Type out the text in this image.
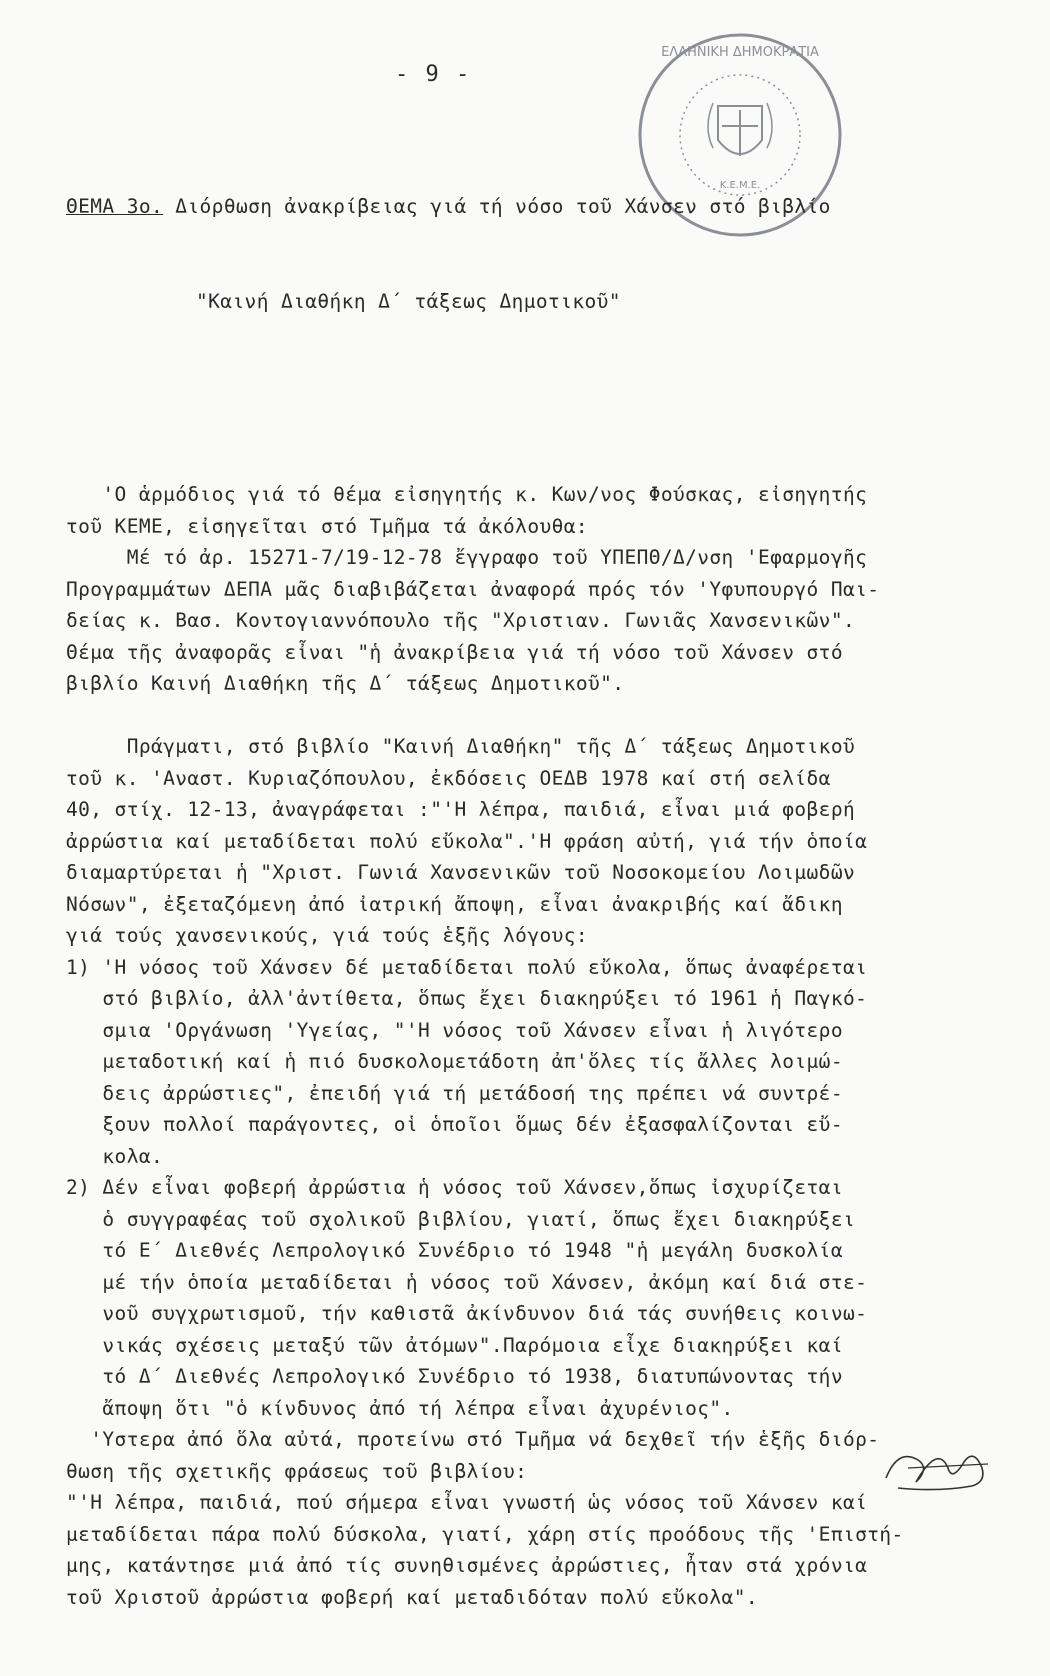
- 9 -
Κ.Ε.Μ.Ε.
ΕΛΛΗΝΙΚΗ ΔΗΜΟΚΡΑΤΙΑ

ΘΕΜΑ 3ο. Διόρθωση ἀνακρίβειας γιά τή νόσο τοῦ Χάνσεν στό βιβλίο

"Καινή Διαθήκη Δ΄ τάξεως Δημοτικοῦ"

'Ο ἁρμόδιος γιά τό θέμα εἰσηγητής κ. Κων/νος Φούσκας, εἰσηγητής
τοῦ ΚΕΜΕ, εἰσηγεῖται στό Τμῆμα τά ἀκόλουθα:
Μέ τό ἀρ. 15271-7/19-12-78 ἔγγραφο τοῦ ΥΠΕΠΘ/Δ/νση 'Εφαρμογῆς
Προγραμμάτων ΔΕΠΑ μᾶς διαβιβάζεται ἀναφορά πρός τόν 'Υφυπουργό Παι-
δείας κ. Βασ. Κοντογιαννόπουλο τῆς "Χριστιαν. Γωνιᾶς Χανσενικῶν".
Θέμα τῆς ἀναφορᾶς εἶναι "ἡ ἀνακρίβεια γιά τή νόσο τοῦ Χάνσεν στό
βιβλίο Καινή Διαθήκη τῆς Δ΄ τάξεως Δημοτικοῦ".
Πράγματι, στό βιβλίο "Καινή Διαθήκη" τῆς Δ΄ τάξεως Δημοτικοῦ
τοῦ κ. 'Αναστ. Κυριαζόπουλου, ἐκδόσεις ΟΕΔΒ 1978 καί στή σελίδα
40, στίχ. 12-13, ἀναγράφεται :"'Η λέπρα, παιδιά, εἶναι μιά φοβερή
ἀρρώστια καί μεταδίδεται πολύ εὔκολα".'Η φράση αὐτή, γιά τήν ὁποία
διαμαρτύρεται ἡ "Χριστ. Γωνιά Χανσενικῶν τοῦ Νοσοκομείου Λοιμωδῶν
Νόσων", ἐξεταζόμενη ἀπό ἰατρική ἄποψη, εἶναι ἀνακριβής καί ἄδικη
γιά τούς χανσενικούς, γιά τούς ἑξῆς λόγους:
1) 'Η νόσος τοῦ Χάνσεν δέ μεταδίδεται πολύ εὔκολα, ὅπως ἀναφέρεται
στό βιβλίο, ἀλλ'ἀντίθετα, ὅπως ἔχει διακηρύξει τό 1961 ἡ Παγκό-
σμια 'Οργάνωση 'Υγείας, "'Η νόσος τοῦ Χάνσεν εἶναι ἡ λιγότερο
μεταδοτική καί ἡ πιό δυσκολομετάδοτη ἀπ'ὅλες τίς ἄλλες λοιμώ-
δεις ἀρρώστιες", ἐπειδή γιά τή μετάδοσή της πρέπει νά συντρέ-
ξουν πολλοί παράγοντες, οἱ ὁποῖοι ὅμως δέν ἐξασφαλίζονται εὔ-
κολα.
2) Δέν εἶναι φοβερή ἀρρώστια ἡ νόσος τοῦ Χάνσεν,ὅπως ἰσχυρίζεται
ὁ συγγραφέας τοῦ σχολικοῦ βιβλίου, γιατί, ὅπως ἔχει διακηρύξει
τό Ε΄ Διεθνές Λεπρολογικό Συνέδριο τό 1948 "ἡ μεγάλη δυσκολία
μέ τήν ὁποία μεταδίδεται ἡ νόσος τοῦ Χάνσεν, ἀκόμη καί διά στε-
νοῦ συγχρωτισμοῦ, τήν καθιστᾶ ἀκίνδυνον διά τάς συνήθεις κοινω-
νικάς σχέσεις μεταξύ τῶν ἀτόμων".Παρόμοια εἶχε διακηρύξει καί
τό Δ΄ Διεθνές Λεπρολογικό Συνέδριο τό 1938, διατυπώνοντας τήν
ἄποψη ὅτι "ὁ κίνδυνος ἀπό τή λέπρα εἶναι ἀχυρένιος".
'Υστερα ἀπό ὅλα αὐτά, προτείνω στό Τμῆμα νά δεχθεῖ τήν ἑξῆς διόρ-
θωση τῆς σχετικῆς φράσεως τοῦ βιβλίου:
"'Η λέπρα, παιδιά, πού σήμερα εἶναι γνωστή ὡς νόσος τοῦ Χάνσεν καί
μεταδίδεται πάρα πολύ δύσκολα, γιατί, χάρη στίς προόδους τῆς 'Επιστή-
μης, κατάντησε μιά ἀπό τίς συνηθισμένες ἀρρώστιες, ἦταν στά χρόνια
τοῦ Χριστοῦ ἀρρώστια φοβερή καί μεταδιδόταν πολύ εὔκολα".
